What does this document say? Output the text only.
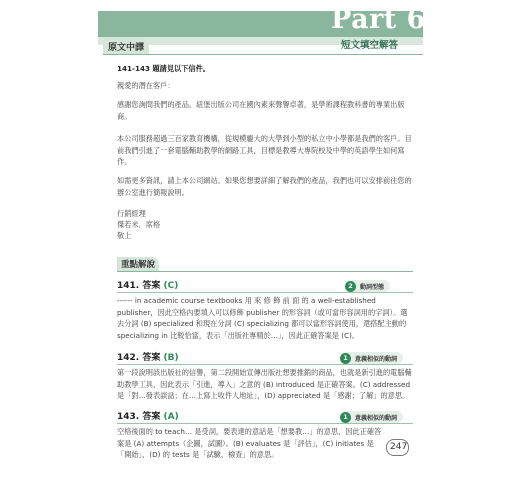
Part 6
短文填空解答
原文中譯

141-143 題請見以下信件。

親愛的潛在客戶：

感謝您詢問我們的產品。紐堡出版公司在國內素來聲譽卓著，是學術課程教科書的專業出版商。

本公司服務超過三百家教育機構，從規模龐大的大學到小型的私立中小學都是我們的客戶。目前我們引進了一套電腦輔助教學的網路工具，目標是教導大專院校及中學的英語學生如何寫作。

如需更多資訊，請上本公司網站。如果您想要詳細了解我們的產品，我們也可以安排前往您的辦公室進行簡報說明。

行銷經理

傑若米．席格

敬上

重點解說
141. 答案 (C)	2	動詞型態

------ in academic course textbooks 用 來 修 飾 前 面 的 a well-established publisher，因此空格內要填入可以修飾 publisher 的形容詞（或可當形容詞用的字詞）。選去分詞 (B) specialized 和現在分詞 (C) specializing 都可以當形容詞使用，還搭配主動的 specializing in 比較恰當，表示「出版社專精於…」，因此正確答案是 (C)。

142. 答案 (B)	1	意義相似的動詞

第一段說明該出版社的信譽，第二段開始宣傳出版社想要推銷的商品，也就是新引進的電腦輔助教學工具，因此表示「引進，導入」之意的 (B) introduced 是正確答案。(C) addressed 是「對…發表談話；在…上寫上收件人地址」，(D) appreciated 是「感謝；了解」的意思。

143. 答案 (A)	1	意義相似的動詞

空格後面的 to teach… 是受詞，要表達的意話是「想要教…」的意思，因此正確答案是 (A) attempts（企圖，試圖）。(B) evaluates 是「評估」，(C) initiates 是「開始」，(D) 的 tests 是「試驗，檢查」的意思。

247
